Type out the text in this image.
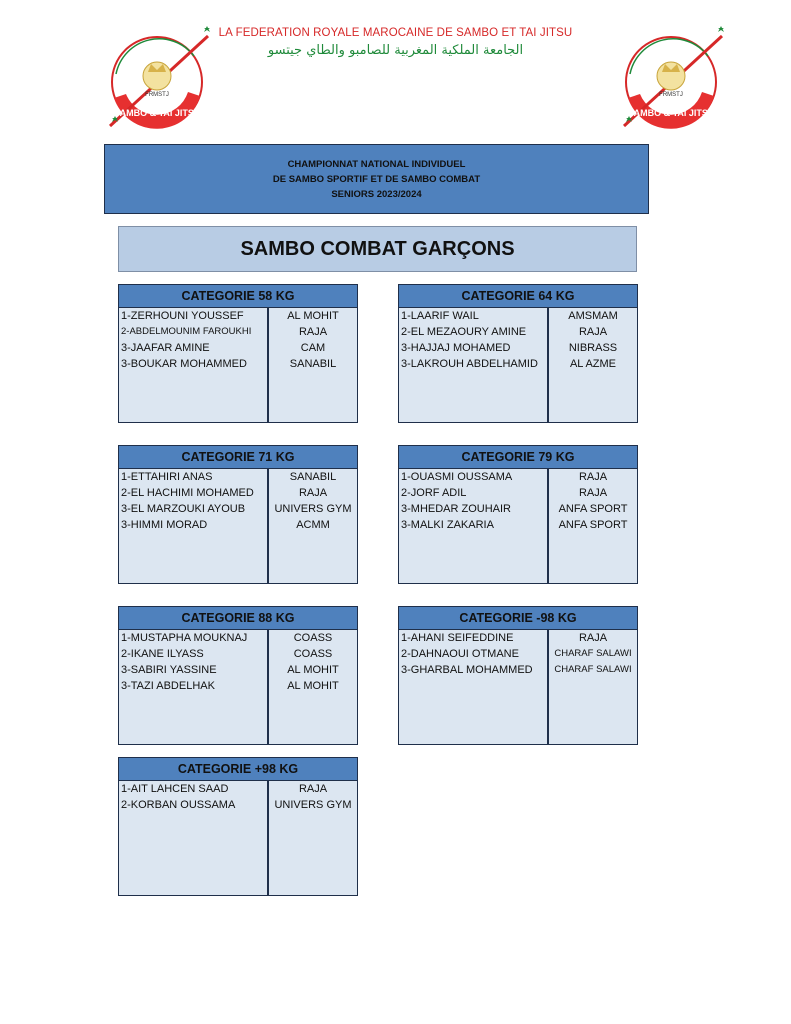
LA FEDERATION ROYALE MAROCAINE DE SAMBO ET TAI JITSU
الجامعة الملكية المغربية للصامبو والطاي جيتسو
FRMSTJ
SAMBO & TAI JITSU
FRMSTJ
SAMBO & TAI JITSU
CHAMPIONNAT NATIONAL INDIVIDUEL
DE SAMBO SPORTIF ET DE SAMBO COMBAT
SENIORS 2023/2024
SAMBO COMBAT GARÇONS
CATEGORIE 58 KG
1-ZERHOUNI YOUSSEF	AL MOHIT
2-ABDELMOUNIM FAROUKHI	RAJA
3-JAAFAR AMINE	CAM
3-BOUKAR MOHAMMED	SANABIL
CATEGORIE 64 KG
1-LAARIF WAIL	AMSMAM
2-EL MEZAOURY AMINE	RAJA
3-HAJJAJ MOHAMED	NIBRASS
3-LAKROUH ABDELHAMID	AL AZME
CATEGORIE 71 KG
1-ETTAHIRI ANAS	SANABIL
2-EL HACHIMI MOHAMED	RAJA
3-EL MARZOUKI AYOUB	UNIVERS GYM
3-HIMMI MORAD	ACMM
CATEGORIE 79 KG
1-OUASMI OUSSAMA	RAJA
2-JORF ADIL	RAJA
3-MHEDAR ZOUHAIR	ANFA SPORT
3-MALKI ZAKARIA	ANFA SPORT
CATEGORIE 88 KG
1-MUSTAPHA MOUKNAJ	COASS
2-IKANE ILYASS	COASS
3-SABIRI YASSINE	AL MOHIT
3-TAZI ABDELHAK	AL MOHIT
CATEGORIE -98 KG
1-AHANI SEIFEDDINE	RAJA
2-DAHNAOUI OTMANE	CHARAF SALAWI
3-GHARBAL MOHAMMED	CHARAF SALAWI
CATEGORIE +98 KG
1-AIT LAHCEN SAAD	RAJA
2-KORBAN OUSSAMA	UNIVERS GYM
